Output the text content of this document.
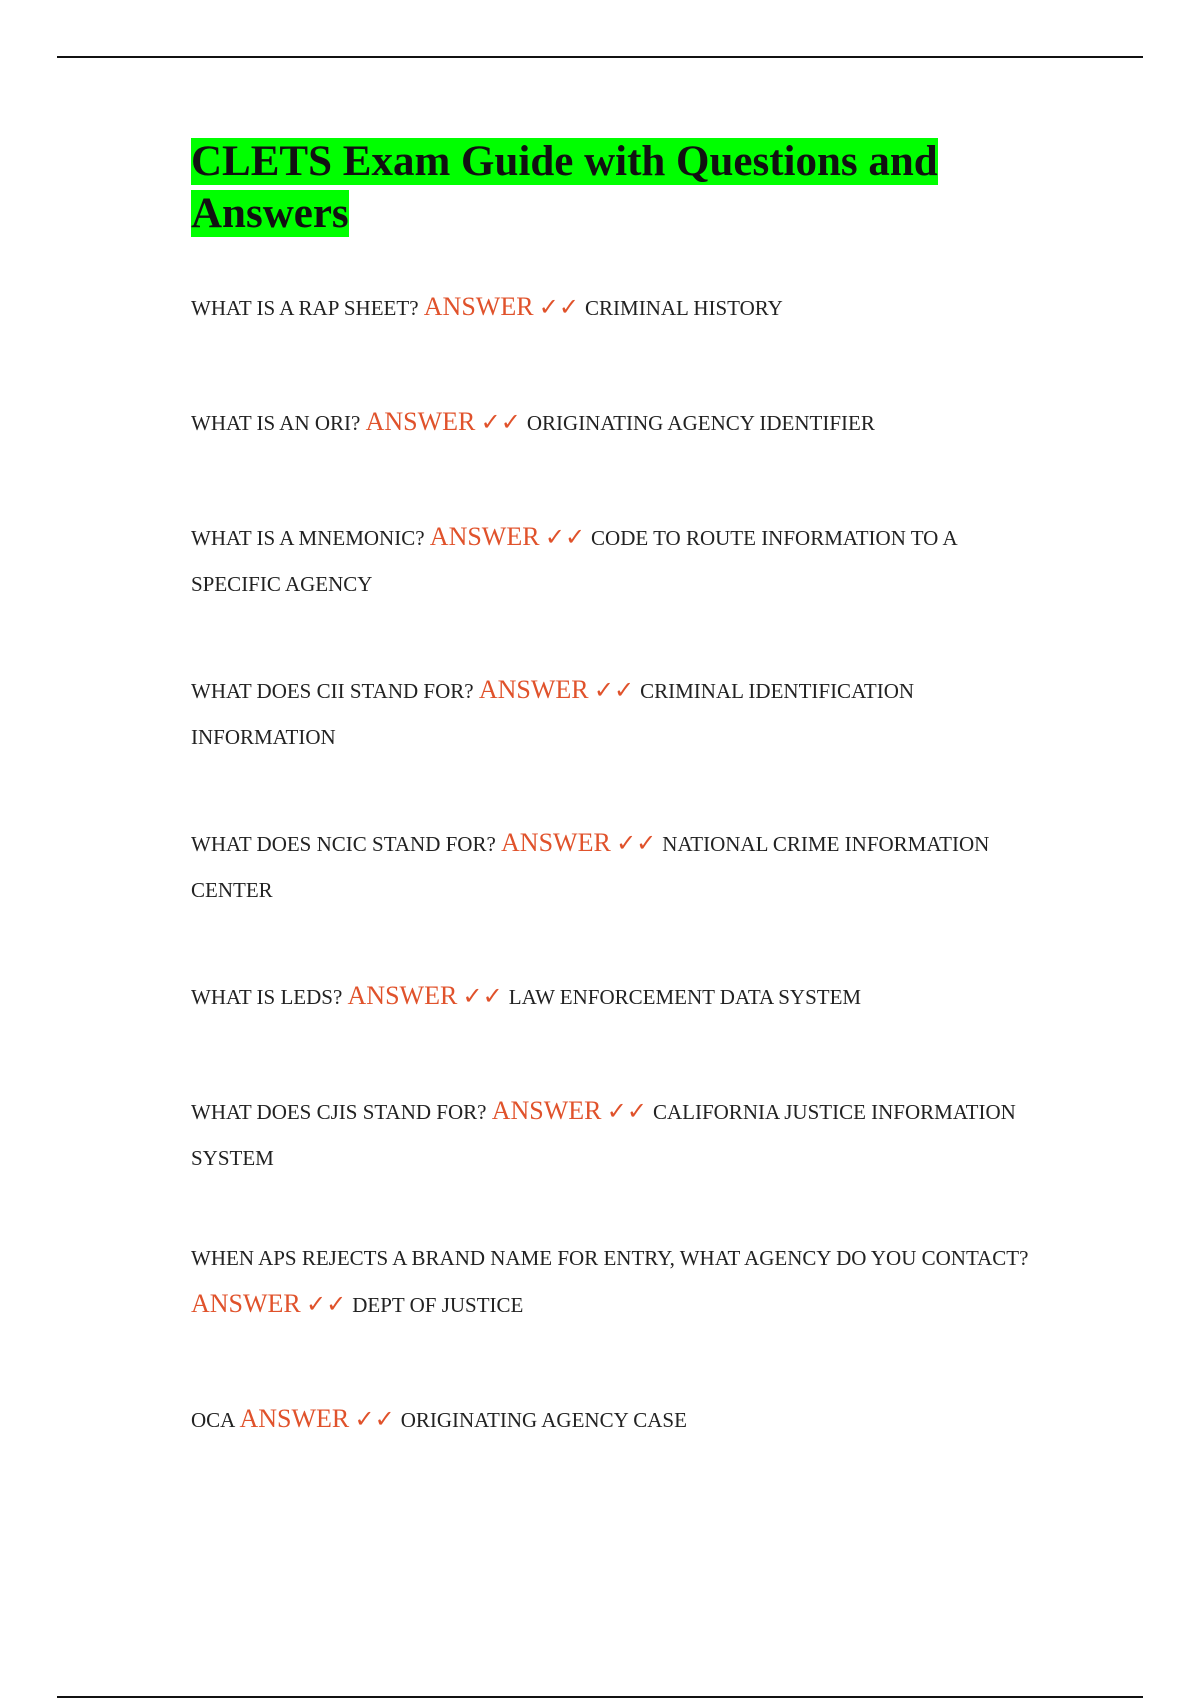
CLETS Exam Guide with Questions and Answers

WHAT IS A RAP SHEET? ANSWER ✓✓ CRIMINAL HISTORY

WHAT IS AN ORI? ANSWER ✓✓ ORIGINATING AGENCY IDENTIFIER

WHAT IS A MNEMONIC? ANSWER ✓✓ CODE TO ROUTE INFORMATION TO A SPECIFIC AGENCY

WHAT DOES CII STAND FOR? ANSWER ✓✓ CRIMINAL IDENTIFICATION INFORMATION

WHAT DOES NCIC STAND FOR? ANSWER ✓✓ NATIONAL CRIME INFORMATION CENTER

WHAT IS LEDS? ANSWER ✓✓ LAW ENFORCEMENT DATA SYSTEM

WHAT DOES CJIS STAND FOR? ANSWER ✓✓ CALIFORNIA JUSTICE INFORMATION SYSTEM

WHEN APS REJECTS A BRAND NAME FOR ENTRY, WHAT AGENCY DO YOU CONTACT? ANSWER ✓✓ DEPT OF JUSTICE

OCA ANSWER ✓✓ ORIGINATING AGENCY CASE
